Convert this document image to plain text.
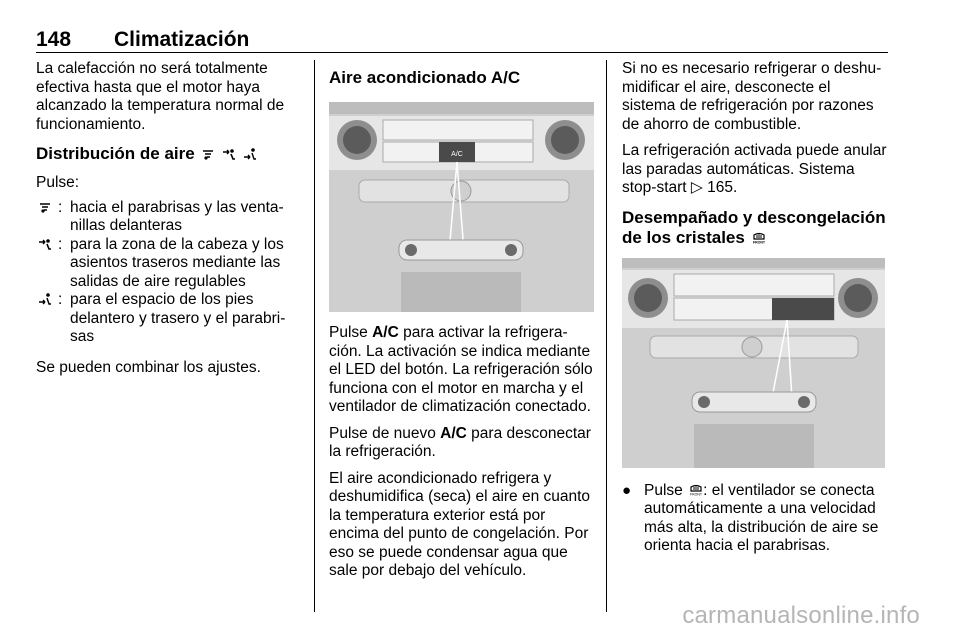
148 Climatización

La calefacción no será totalmente efectiva hasta que el motor haya alcanzado la temperatura normal de funcionamiento.

Distribución de aire

Pulse:

: hacia el parabrisas y las ventanillas delanteras
: para la zona de la cabeza y los asientos traseros mediante las salidas de aire regulables
: para el espacio de los pies delantero y trasero y el parabrisas

Se pueden combinar los ajustes.

Aire acondicionado A/C
A/C

Pulse A/C para activar la refrigeración. La activación se indica mediante el LED del botón. La refrigeración sólo funciona con el motor en marcha y el ventilador de climatización conectado.

Pulse de nuevo A/C para desconectar la refrigeración.

El aire acondicionado refrigera y deshumidifica (seca) el aire en cuanto la temperatura exterior está por encima del punto de congelación. Por eso se puede condensar agua que sale por debajo del vehículo.

Si no es necesario refrigerar o deshumidificar el aire, desconecte el sistema de refrigeración por razones de ahorro de combustible.

La refrigeración activada puede anular las paradas automáticas. Sistema stop-start ▷ 165.

Desempañado y descongelación de los cristales FRONT
● Pulse FRONT : el ventilador se conecta automáticamente a una velocidad más alta, la distribución de aire se orienta hacia el parabrisas.
carmanualsonline.info
